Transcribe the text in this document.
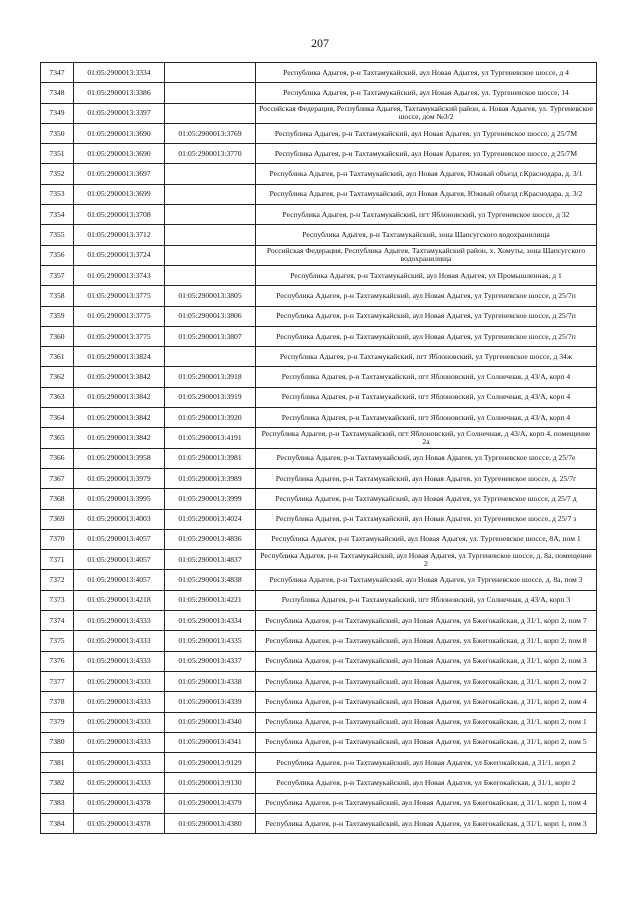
207
7347	01:05:2900013:3334		Республика Адыгея, р-н Тахтамукайский, аул Новая Адыгея, ул Тургеневское шоссе, д 4
7348	01:05:2900013:3386		Республика Адыгея, р-н Тахтамукайский, аул Новая Адыгея, ул. Тургеневское шоссе, 14
7349	01:05:2900013:3397		Российская Федерация, Республика Адыгея, Тахтамукайский район, а. Новая Адыгея, ул. Тургеневское шоссе, дом №3/2
7350	01:05:2900013:3690	01:05:2900013:3769	Республика Адыгея, р-н Тахтамукайский, аул Новая Адыгея, ул Тургеневское шоссе, д 25/7М
7351	01:05:2900013:3690	01:05:2900013:3770	Республика Адыгея, р-н Тахтамукайский, аул Новая Адыгея, ул Тургеневское шоссе, д 25/7М
7352	01:05:2900013:3697		Республика Адыгея, р-н Тахтамукайский, аул Новая Адыгея, Южный объезд г.Краснодара, д. 3/1
7353	01:05:2900013:3699		Республика Адыгея, р-н Тахтамукайский, аул Новая Адыгея, Южный объезд г.Краснодара, д. 3/2
7354	01:05:2900013:3708		Республика Адыгея, р-н Тахтамукайский, пгт Яблоновский, ул Тургеневское шоссе, д 32
7355	01:05:2900013:3712		Республика Адыгея, р-н Тахтамукайский, зона Шапсугского водохранилища
7356	01:05:2900013:3724		Российская Федерация, Республика Адыгея, Тахтамукайский район, х. Хомуты, зона Шапсугского водохранилища
7357	01:05:2900013:3743		Республика Адыгея, р-н Тахтамукайский, аул Новая Адыгея, ул Промышленная, д 1
7358	01:05:2900013:3775	01:05:2900013:3805	Республика Адыгея, р-н Тахтамукайский, аул Новая Адыгея, ул Тургеневское шоссе, д 25/7п
7359	01:05:2900013:3775	01:05:2900013:3806	Республика Адыгея, р-н Тахтамукайский, аул Новая Адыгея, ул Тургеневское шоссе, д 25/7п
7360	01:05:2900013:3775	01:05:2900013:3807	Республика Адыгея, р-н Тахтамукайский, аул Новая Адыгея, ул Тургеневское шоссе, д 25/7п
7361	01:05:2900013:3824		Республика Адыгея, р-н Тахтамукайский, пгт Яблоновский, ул Тургеневское шоссе, д 34ж
7362	01:05:2900013:3842	01:05:2900013:3918	Республика Адыгея, р-н Тахтамукайский, пгт Яблоновский, ул Солнечная, д 43/А, корп 4
7363	01:05:2900013:3842	01:05:2900013:3919	Республика Адыгея, р-н Тахтамукайский, пгт Яблоновский, ул Солнечная, д 43/А, корп 4
7364	01:05:2900013:3842	01:05:2900013:3920	Республика Адыгея, р-н Тахтамукайский, пгт Яблоновский, ул Солнечная, д 43/А, корп 4
7365	01:05:2900013:3842	01:05:2900013:4191	Республика Адыгея, р-н Тахтамукайский, пгт Яблоновский, ул Солнечная, д 43/А, корп 4, помещение 2а
7366	01:05:2900013:3958	01:05:2900013:3981	Республика Адыгея, р-н Тахтамукайский, аул Новая Адыгея, ул Тургеневское шоссе, д 25/7е
7367	01:05:2900013:3979	01:05:2900013:3989	Республика Адыгея, р-н Тахтамукайский, аул Новая Адыгея, ул Тургеневское шоссе, д. 25/7г
7368	01:05:2900013:3995	01:05:2900013:3999	Республика Адыгея, р-н Тахтамукайский, аул Новая Адыгея, ул Тургеневское шоссе, д 25/7 д
7369	01:05:2900013:4003	01:05:2900013:4024	Республика Адыгея, р-н Тахтамукайский, аул Новая Адыгея, ул Тургеневское шоссе, д 25/7 з
7370	01:05:2900013:4057	01:05:2900013:4836	Республика Адыгея, р-н Тахтамукайский, аул Новая Адыгея, ул. Тургеневское шоссе, 8А, пом 1
7371	01:05:2900013:4057	01:05:2900013:4837	Республика Адыгея, р-н Тахтамукайский, аул Новая Адыгея, ул Тургеневское шоссе, д. 8а, помещение 2
7372	01:05:2900013:4057	01:05:2900013:4838	Республика Адыгея, р-н Тахтамукайский, аул Новая Адыгея, ул Тургеневское шоссе, д. 8а, пом 3
7373	01:05:2900013:4218	01:05:2900013:4221	Республика Адыгея, р-н Тахтамукайский, пгт Яблоновский, ул Солнечная, д 43/А, корп 3
7374	01:05:2900013:4333	01:05:2900013:4334	Республика Адыгея, р-н Тахтамукайский, аул Новая Адыгея, ул Бжегокайская, д 31/1, корп 2, пом 7
7375	01:05:2900013:4333	01:05:2900013:4335	Республика Адыгея, р-н Тахтамукайский, аул Новая Адыгея, ул Бжегокайская, д 31/1, корп 2, пом 8
7376	01:05:2900013:4333	01:05:2900013:4337	Республика Адыгея, р-н Тахтамукайский, аул Новая Адыгея, ул Бжегокайская, д 31/1, корп 2, пом 3
7377	01:05:2900013:4333	01:05:2900013:4338	Республика Адыгея, р-н Тахтамукайский, аул Новая Адыгея, ул Бжегокайская, д 31/1, корп 2, пом 2
7378	01:05:2900013:4333	01:05:2900013:4339	Республика Адыгея, р-н Тахтамукайский, аул Новая Адыгея, ул Бжегокайская, д 31/1, корп 2, пом 4
7379	01:05:2900013:4333	01:05:2900013:4340	Республика Адыгея, р-н Тахтамукайский, аул Новая Адыгея, ул Бжегокайская, д 31/1, корп 2, пом 1
7380	01:05:2900013:4333	01:05:2900013:4341	Республика Адыгея, р-н Тахтамукайский, аул Новая Адыгея, ул Бжегокайская, д 31/1, корп 2, пом 5
7381	01:05:2900013:4333	01:05:2900013:9129	Республика Адыгея, р-н Тахтамукайский, аул Новая Адыгея, ул Бжегокайская, д 31/1, корп 2
7382	01:05:2900013:4333	01:05:2900013:9130	Республика Адыгея, р-н Тахтамукайский, аул Новая Адыгея, ул Бжегокайская, д 31/1, корп 2
7383	01:05:2900013:4378	01:05:2900013:4379	Республика Адыгея, р-н Тахтамукайский, аул Новая Адыгея, ул Бжегокайская, д 31/1, корп 1, пом 4
7384	01:05:2900013:4378	01:05:2900013:4380	Республика Адыгея, р-н Тахтамукайский, аул Новая Адыгея, ул Бжегокайская, д 31/1, корп 1, пом 3
